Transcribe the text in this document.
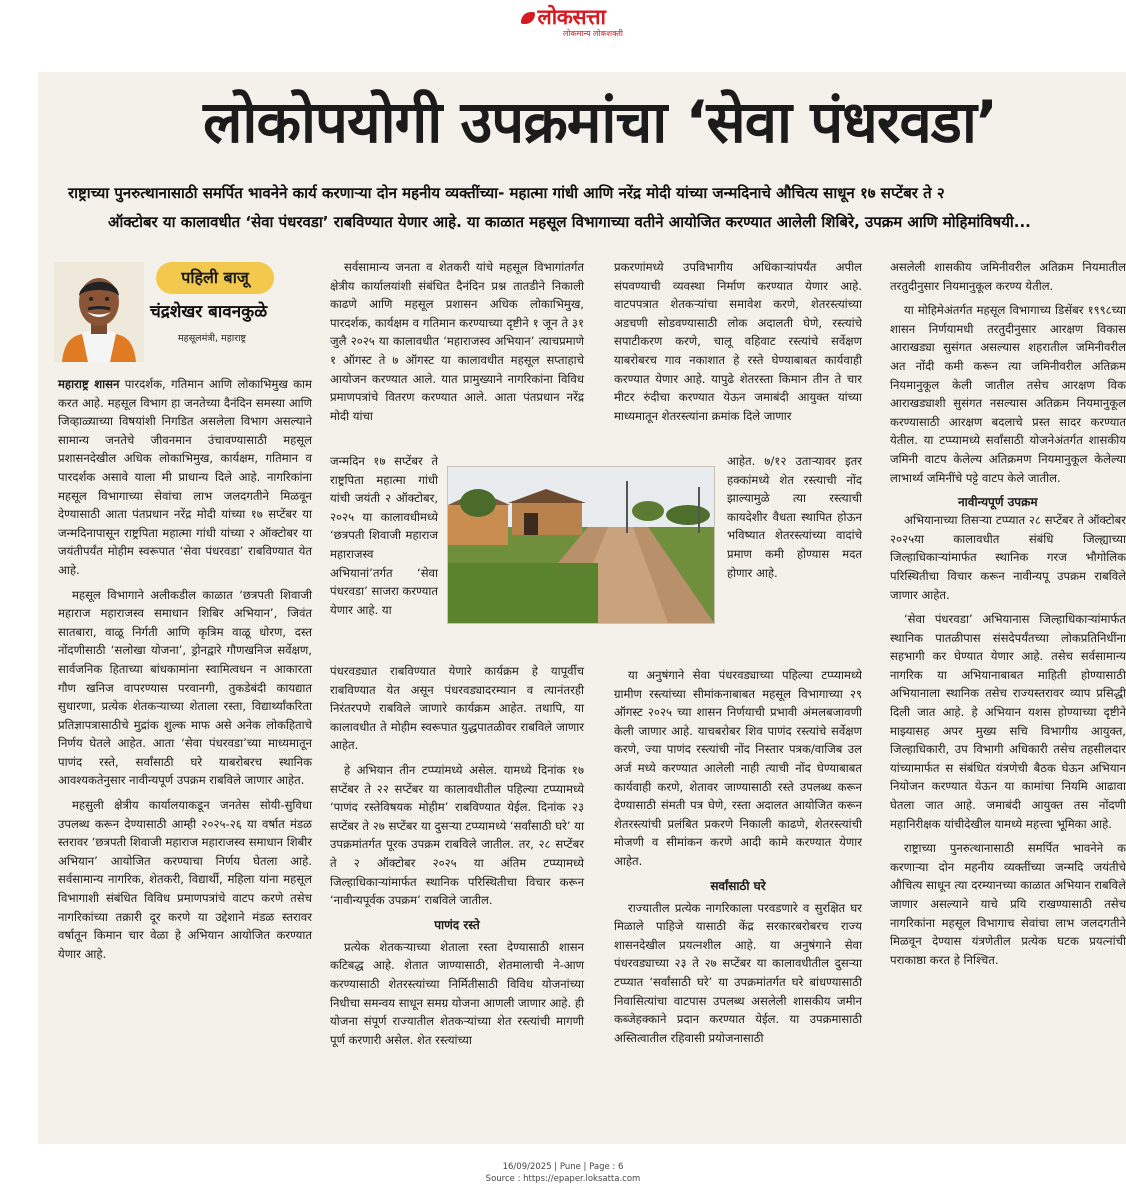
लोकसत्ता
लोकमान्य लोकशक्ती
लोकोपयोगी उपक्रमांचा ‘सेवा पंधरवडा’

राष्ट्राच्या पुनरुत्थानासाठी समर्पित भावनेने कार्य करणाऱ्या दोन महनीय व्यक्तींच्या- महात्मा गांधी आणि नरेंद्र मोदी यांच्या जन्मदिनाचे औचित्य साधून १७ सप्टेंबर ते २

ऑक्टोबर या कालावधीत ‘सेवा पंधरवडा’ राबविण्यात येणार आहे. या काळात महसूल विभागाच्या वतीने आयोजित करण्यात आलेली शिबिरे, उपक्रम आणि मोहिमांविषयी...

पहिली बाजू
चंद्रशेखर बावनकुळे
महसूलमंत्री, महाराष्ट्र

महाराष्ट्र शासन पारदर्शक, गतिमान आणि लोकाभिमुख काम करत आहे. महसूल विभाग हा जनतेच्या दैनंदिन समस्या आणि जिव्हाळ्याच्या विषयांशी निगडित असलेला विभाग असल्याने सामान्य जनतेचे जीवनमान उंचावण्यासाठी महसूल प्रशासनदेखील अधिक लोकाभिमुख, कार्यक्षम, गतिमान व पारदर्शक असावे याला मी प्राधान्य दिले आहे. नागरिकांना महसूल विभागाच्या सेवांचा लाभ जलदगतीने मिळवून देण्यासाठी आता पंतप्रधान नरेंद्र मोदी यांच्या १७ सप्टेंबर या जन्मदिनापासून राष्ट्रपिता महात्मा गांधी यांच्या २ ऑक्टोबर या जयंतीपर्यंत मोहीम स्वरूपात ‘सेवा पंधरवडा’ राबविण्यात येत आहे.

महसूल विभागाने अलीकडील काळात ‘छत्रपती शिवाजी महाराज महाराजस्व समाधान शिबिर अभियान’, जिवंत सातबारा, वाळू निर्गती आणि कृत्रिम वाळू धोरण, दस्त नोंदणीसाठी ‘सलोखा योजना’, ड्रोनद्वारे गौणखनिज सर्वेक्षण, सार्वजनिक हिताच्या बांधकामांना स्वामित्वधन न आकारता गौण खनिज वापरण्यास परवानगी, तुकडेबंदी कायद्यात सुधारणा, प्रत्येक शेतकऱ्याच्या शेताला रस्ता, विद्यार्थ्यांकरिता प्रतिज्ञापत्रासाठीचे मुद्रांक शुल्क माफ असे अनेक लोकहिताचे निर्णय घेतले आहेत. आता ‘सेवा पंधरवडा’च्या माध्यमातून पाणंद रस्ते, सर्वांसाठी घरे याबरोबरच स्थानिक आवश्यकतेनुसार नावीन्यपूर्ण उपक्रम राबविले जाणार आहेत.

महसुली क्षेत्रीय कार्यालयाकडून जनतेस सोयी-सुविधा उपलब्ध करून देण्यासाठी आम्ही २०२५-२६ या वर्षात मंडळ स्तरावर ‘छत्रपती शिवाजी महाराज महाराजस्व समाधान शिबीर अभियान’ आयोजित करण्याचा निर्णय घेतला आहे. सर्वसामान्य नागरिक, शेतकरी, विद्यार्थी, महिला यांना महसूल विभागाशी संबंधित विविध प्रमाणपत्रांचे वाटप करणे तसेच नागरिकांच्या तक्रारी दूर करणे या उद्देशाने मंडळ स्तरावर वर्षातून किमान चार वेळा हे अभियान आयोजित करण्यात येणार आहे.

सर्वसामान्य जनता व शेतकरी यांचे महसूल विभागांतर्गत क्षेत्रीय कार्यालयांशी संबंधित दैनंदिन प्रश्न तातडीने निकाली काढणे आणि महसूल प्रशासन अधिक लोकाभिमुख, पारदर्शक, कार्यक्षम व गतिमान करण्याच्या दृष्टीने १ जून ते ३१ जुलै २०२५ या कालावधीत ‘महाराजस्व अभियान’ त्याचप्रमाणे १ ऑगस्ट ते ७ ऑगस्ट या कालावधीत महसूल सप्ताहाचे आयोजन करण्यात आले. यात प्रामुख्याने नागरिकांना विविध प्रमाणपत्रांचे वितरण करण्यात आले. आता पंतप्रधान नरेंद्र मोदी यांचा

जन्मदिन १७ सप्टेंबर ते राष्ट्रपिता महात्मा गांधी यांची जयंती २ ऑक्टोबर, २०२५ या कालावधीमध्ये ‘छत्रपती शिवाजी महाराज महाराजस्व अभियानां’तर्गत ‘सेवा पंधरवडा’ साजरा करण्यात येणार आहे. या

पंधरवड्यात राबविण्यात येणारे कार्यक्रम हे यापूर्वीच राबविण्यात येत असून पंधरवड्यादरम्यान व त्यानंतरही निरंतरपणे राबविले जाणारे कार्यक्रम आहेत. तथापि, या कालावधीत ते मोहीम स्वरूपात युद्धपातळीवर राबविले जाणार आहेत.

हे अभियान तीन टप्प्यांमध्ये असेल. यामध्ये दिनांक १७ सप्टेंबर ते २२ सप्टेंबर या कालावधीतील पहिल्या टप्प्यामध्ये ‘पाणंद रस्तेविषयक मोहीम’ राबविण्यात येईल. दिनांक २३ सप्टेंबर ते २७ सप्टेंबर या दुसऱ्या टप्प्यामध्ये ‘सर्वांसाठी घरे’ या उपक्रमांतर्गत पूरक उपक्रम राबविले जातील. तर, २८ सप्टेंबर ते २ ऑक्टोबर २०२५ या अंतिम टप्प्यामध्ये जिल्हाधिकाऱ्यांमार्फत स्थानिक परिस्थितीचा विचार करून ‘नावीन्यपूर्वक उपक्रम’ राबविले जातील.

पाणंद रस्ते

प्रत्येक शेतकऱ्याच्या शेताला रस्ता देण्यासाठी शासन कटिबद्ध आहे. शेतात जाण्यासाठी, शेतमालाची ने-आण करण्यासाठी शेतरस्त्यांच्या निर्मितीसाठी विविध योजनांच्या निधीचा समन्वय साधून समग्र योजना आणली जाणार आहे. ही योजना संपूर्ण राज्यातील शेतकऱ्यांच्या शेत रस्त्यांची मागणी पूर्ण करणारी असेल. शेत रस्त्यांच्या

प्रकरणांमध्ये उपविभागीय अधिकाऱ्यांपर्यंत अपील संपवण्याची व्यवस्था निर्माण करण्यात येणार आहे. वाटपपत्रात शेतकऱ्यांचा समावेश करणे, शेतरस्त्यांच्या अडचणी सोडवण्यासाठी लोक अदालती घेणे, रस्त्यांचे सपाटीकरण करणे, चालू वहिवाट रस्त्यांचे सर्वेक्षण याबरोबरच गाव नकाशात हे रस्ते घेण्याबाबत कार्यवाही करण्यात येणार आहे. यापुढे शेतरस्ता किमान तीन ते चार मीटर रुंदीचा करण्यात येऊन जमाबंदी आयुक्त यांच्या माध्यमातून शेतरस्त्यांना क्रमांक दिले जाणार

आहेत. ७/१२ उताऱ्यावर इतर हक्कांमध्ये शेत रस्त्याची नोंद झाल्यामुळे त्या रस्त्याची कायदेशीर वैधता स्थापित होऊन भविष्यात शेतरस्त्यांच्या वादांचे प्रमाण कमी होण्यास मदत होणार आहे.

या अनुषंगाने सेवा पंधरवड्याच्या पहिल्या टप्प्यामध्ये ग्रामीण रस्त्यांच्या सीमांकनाबाबत महसूल विभागाच्या २९ ऑगस्ट २०२५ च्या शासन निर्णयाची प्रभावी अंमलबजावणी केली जाणार आहे. याचबरोबर शिव पाणंद रस्त्यांचे सर्वेक्षण करणे, ज्या पाणंद रस्त्यांची नोंद निस्तार पत्रक/वाजिब उल अर्ज मध्ये करण्यात आलेली नाही त्याची नोंद घेण्याबाबत कार्यवाही करणे, शेतावर जाण्यासाठी रस्ते उपलब्ध करून देण्यासाठी संमती पत्र घेणे, रस्ता अदालत आयोजित करून शेतरस्त्यांची प्रलंबित प्रकरणे निकाली काढणे, शेतरस्त्यांची मोजणी व सीमांकन करणे आदी कामे करण्यात येणार आहेत.

सर्वांसाठी घरे

राज्यातील प्रत्येक नागरिकाला परवडणारे व सुरक्षित घर मिळाले पाहिजे यासाठी केंद्र सरकारबरोबरच राज्य शासनदेखील प्रयत्नशील आहे. या अनुषंगाने सेवा पंधरवड्याच्या २३ ते २७ सप्टेंबर या कालावधीतील दुसऱ्या टप्प्यात ‘सर्वांसाठी घरे’ या उपक्रमांतर्गत घरे बांधण्यासाठी निवासित्यांचा वाटपास उपलब्ध असलेली शासकीय जमीन कब्जेहक्काने प्रदान करण्यात येईल. या उपक्रमासाठी अस्तित्वातील रहिवासी प्रयोजनासाठी

असलेली शासकीय जमिनीवरील अतिक्रम नियमातील तरतुदीनुसार नियमानुकूल करण्य येतील.

या मोहिमेअंतर्गत महसूल विभागाच्य डिसेंबर १९९८च्या शासन निर्णयामधी तरतुदीनुसार आरक्षण विकास आराखड्या सुसंगत असल्यास शहरातील जमिनीवरील अत नोंदी कमी करून त्या जमिनीवरील अतिक्रम नियमानुकूल केली जातील तसेच आरक्षण विक आराखड्याशी सुसंगत नसल्यास अतिक्रम नियमानुकूल करण्यासाठी आरक्षण बदलाचे प्रस्त सादर करण्यात येतील. या टप्प्यामध्ये सर्वांसाठी योजनेअंतर्गत शासकीय जमिनी वाटप केलेल्य अतिक्रमण नियमानुकूल केलेल्या लाभार्थ्य जमिनींचे पट्टे वाटप केले जातील.

नावीन्यपूर्ण उपक्रम

अभियानाच्या तिसऱ्या टप्प्यात २८ सप्टेंबर ते ऑक्टोबर २०२५या कालावधीत संबंधि जिल्ह्याच्या जिल्हाधिकाऱ्यांमार्फत स्थानिक गरज भौगोलिक परिस्थितीचा विचार करून नावीन्यपू उपक्रम राबविले जाणार आहेत.

‘सेवा पंधरवडा’ अभियानास जिल्हाधिकाऱ्यांमार्फत स्थानिक पातळीपास संसदेपर्यंतच्या लोकप्रतिनिधींना सहभागी कर घेण्यात येणार आहे. तसेच सर्वसामान्य नागरिक या अभियानाबाबत माहिती होण्यासाठी अभियानाला स्थानिक तसेच राज्यस्तरावर व्याप प्रसिद्धी दिली जात आहे. हे अभियान यशस होण्याच्या दृष्टीने माझ्यासह अपर मुख्य सचि विभागीय आयुक्त, जिल्हाधिकारी, उप विभागी अधिकारी तसेच तहसीलदार यांच्यामार्फत स संबंधित यंत्रणेची बैठक घेऊन अभियान नियोजन करण्यात येऊन या कामांचा नियमि आढावा घेतला जात आहे. जमाबंदी आयुक्त तस नोंदणी महानिरीक्षक यांचीदेखील यामध्ये महत्त्वा भूमिका आहे.

राष्ट्राच्या पुनरुत्थानासाठी समर्पित भावनेने क करणाऱ्या दोन महनीय व्यक्तींच्या जन्मदि जयंतीचे औचित्य साधून त्या दरम्यानच्या काळात अभियान राबविले जाणार असल्याने याचे प्रयि राखण्यासाठी तसेच नागरिकांना महसूल विभागाच सेवांचा लाभ जलदगतीने मिळवून देण्यास यंत्रणेतील प्रत्येक घटक प्रयत्नांची पराकाष्ठा करत हे निश्चित.

16/09/2025 | Pune | Page : 6
Source : https://epaper.loksatta.com
